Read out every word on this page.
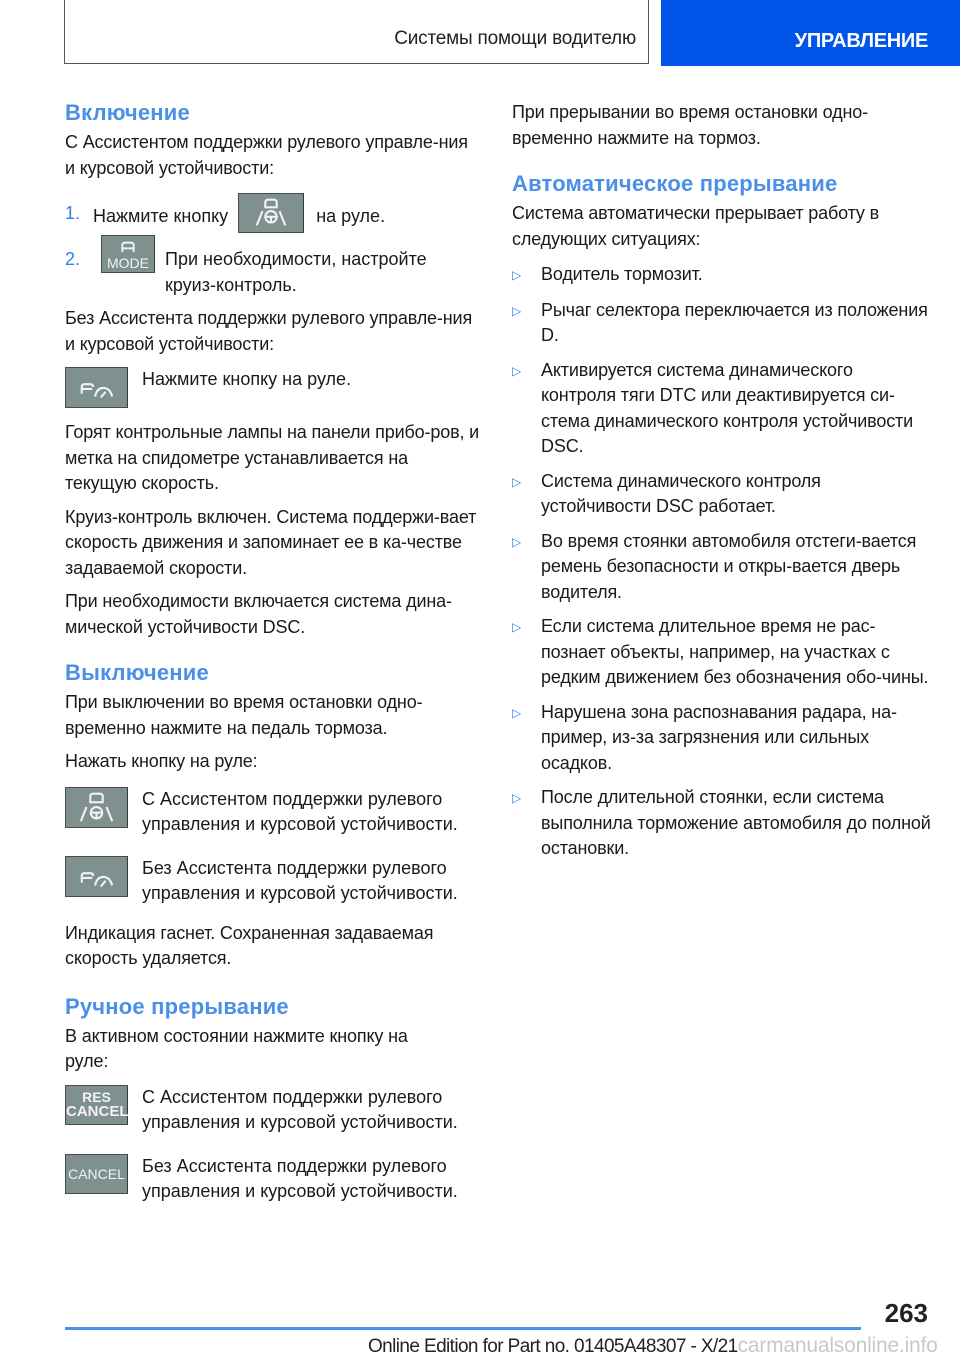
Системы помощи водителю	УПРАВЛЕНИЕ
Включение

С Ассистентом поддержки рулевого управле-ния и курсовой устойчивости:

1. Нажмите кнопку	на руле.
2.	MODE При необходимости, настройте круиз-контроль.

Без Ассистента поддержки рулевого управле-ния и курсовой устойчивости:

Нажмите кнопку на руле.

Горят контрольные лампы на панели прибо-ров, и метка на спидометре устанавливается на текущую скорость.

Круиз-контроль включен. Система поддержи-вает скорость движения и запоминает ее в ка-честве задаваемой скорости.

При необходимости включается система дина-мической устойчивости DSC.

Выключение

При выключении во время остановки одно-временно нажмите на педаль тормоза.

Нажать кнопку на руле:

С Ассистентом поддержки рулевого управления и курсовой устойчивости.
Без Ассистента поддержки рулевого управления и курсовой устойчивости.

Индикация гаснет. Сохраненная задаваемая скорость удаляется.

Ручное прерывание

В активном состоянии нажмите кнопку на руле:

RES
CANCEL
С Ассистентом поддержки рулевого управления и курсовой устойчивости.
CANCEL Без Ассистента поддержки рулевого управления и курсовой устойчивости.

При прерывании во время остановки одно-временно нажмите на тормоз.

Автоматическое прерывание

Система автоматически прерывает работу в следующих ситуациях:

▷	Водитель тормозит.
▷	Рычаг селектора переключается из положения D.
▷	Активируется система динамического контроля тяги DTC или деактивируется си-стема динамического контроля устойчивости DSC.
▷	Система динамического контроля устойчивости DSC работает.
▷	Во время стоянки автомобиля отстеги-вается ремень безопасности и откры-вается дверь водителя.
▷	Если система длительное время не рас-познает объекты, например, на участках с редким движением без обозначения обо-чины.
▷	Нарушена зона распознавания радара, на-пример, из-за загрязнения или сильных осадков.
▷	После длительной стоянки, если система выполнила торможение автомобиля до полной остановки.
263
Online Edition for Part no. 01405A48307 - X/21carmanualsonline.info
